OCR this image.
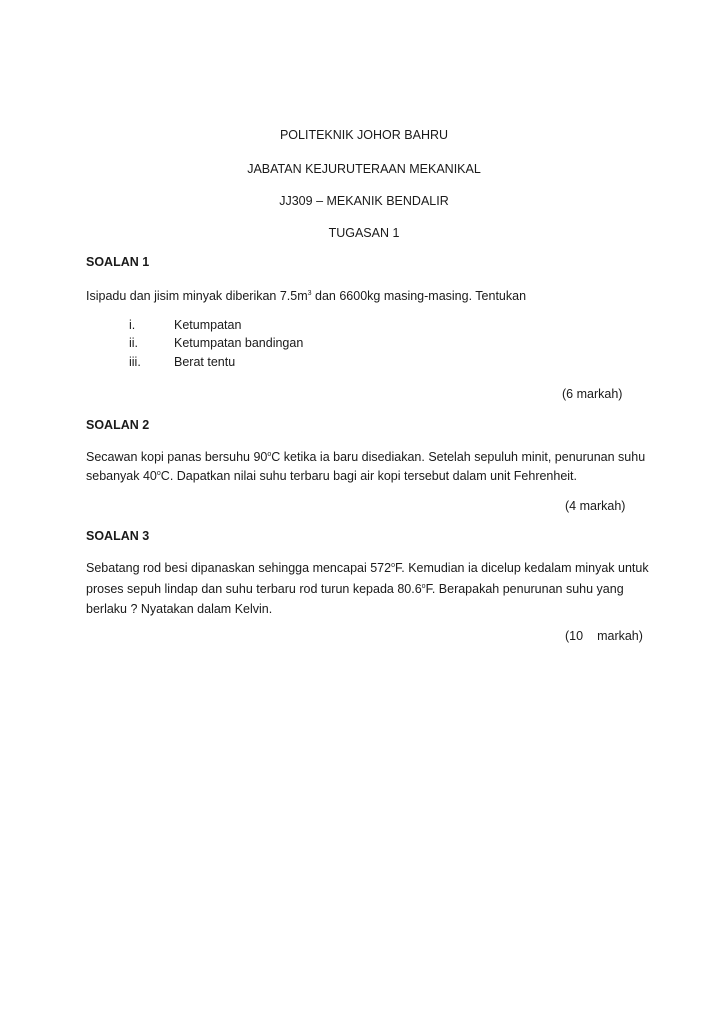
POLITEKNIK JOHOR BAHRU
JABATAN KEJURUTERAAN MEKANIKAL
JJ309 – MEKANIK BENDALIR
TUGASAN 1
SOALAN 1
Isipadu dan jisim minyak diberikan $7.5m^3$ dan 6600kg masing-masing. Tentukan
i.	Ketumpatan
ii.	Ketumpatan bandingan
iii.	Berat tentu
(6 markah)
SOALAN 2
Secawan kopi panas bersuhu 90$^o$C ketika ia baru disediakan. Setelah sepuluh minit, penurunan suhu
sebanyak 40$^o$C. Dapatkan nilai suhu terbaru bagi air kopi tersebut dalam unit Fehrenheit.
(4 markah)
SOALAN 3
Sebatang rod besi dipanaskan sehingga mencapai 572$^o$F. Kemudian ia dicelup kedalam minyak untuk
proses sepuh lindap dan suhu terbaru rod turun kepada 80.6$^o$F. Berapakah penurunan suhu yang
berlaku ? Nyatakan dalam Kelvin.
(10 markah)
